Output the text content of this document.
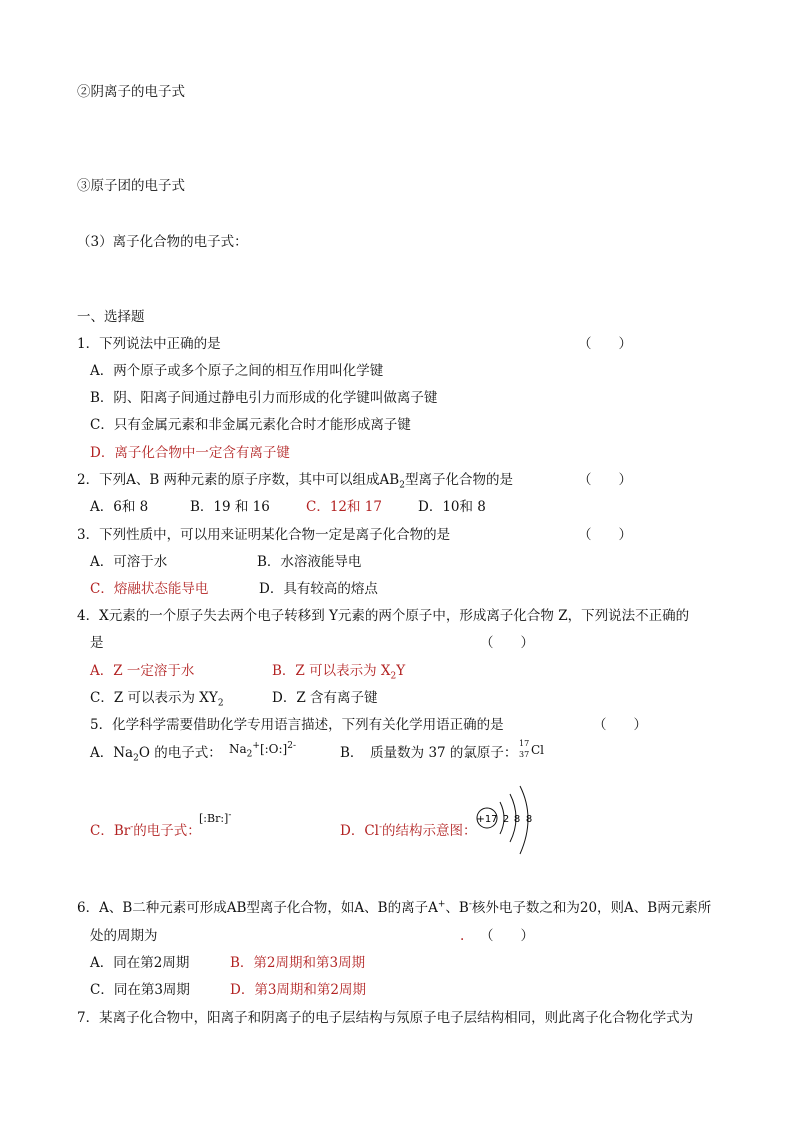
②阴离子的电子式
③原子团的电子式
（3）离子化合物的电子式：
一、选择题
1．下列说法中正确的是	（　　）
A．两个原子或多个原子之间的相互作用叫化学键
B．阴、阳离子间通过静电引力而形成的化学键叫做离子键
C．只有金属元素和非金属元素化合时才能形成离子键
D．离子化合物中一定含有离子键
2．下列A、B 两种元素的原子序数，其中可以组成$AB_2$型离子化合物的是	（　　）
A．6和 8	B．19 和 16	C．12和 17	D．10和 8
3．下列性质中，可以用来证明某化合物一定是离子化合物的是	（　　）
A．可溶于水	B．水溶液能导电
C．熔融状态能导电	D．具有较高的熔点
4．X元素的一个原子失去两个电子转移到 Y元素的两个原子中，形成离子化合物 Z，下列说法不正确的
是	（　　）
A．Z 一定溶于水	B．Z 可以表示为 $X_2Y$
C．Z 可以表示为 $XY_2$	D．Z 含有离子键
5．化学科学需要借助化学专用语言描述，下列有关化学用语正确的是	（　　）
A．$Na_2O$ 的电子式： $Na_2^+[:O:]^{2-}$	B．　质量数为 37 的氯原子：
17
37 Cl
C．Br-的电子式：
[:Br:]-
D．Cl-的结构示意图：
+17 2 8 8
6．A、B二种元素可形成AB型离子化合物，如A、B的离子A+、B-核外电子数之和为20，则A、B两元素所
处的周期为	. （　　）
A．同在第2周期	B．第2周期和第3周期
C．同在第3周期	D．第3周期和第2周期
7．某离子化合物中，阳离子和阴离子的电子层结构与氖原子电子层结构相同，则此离子化合物化学式为
